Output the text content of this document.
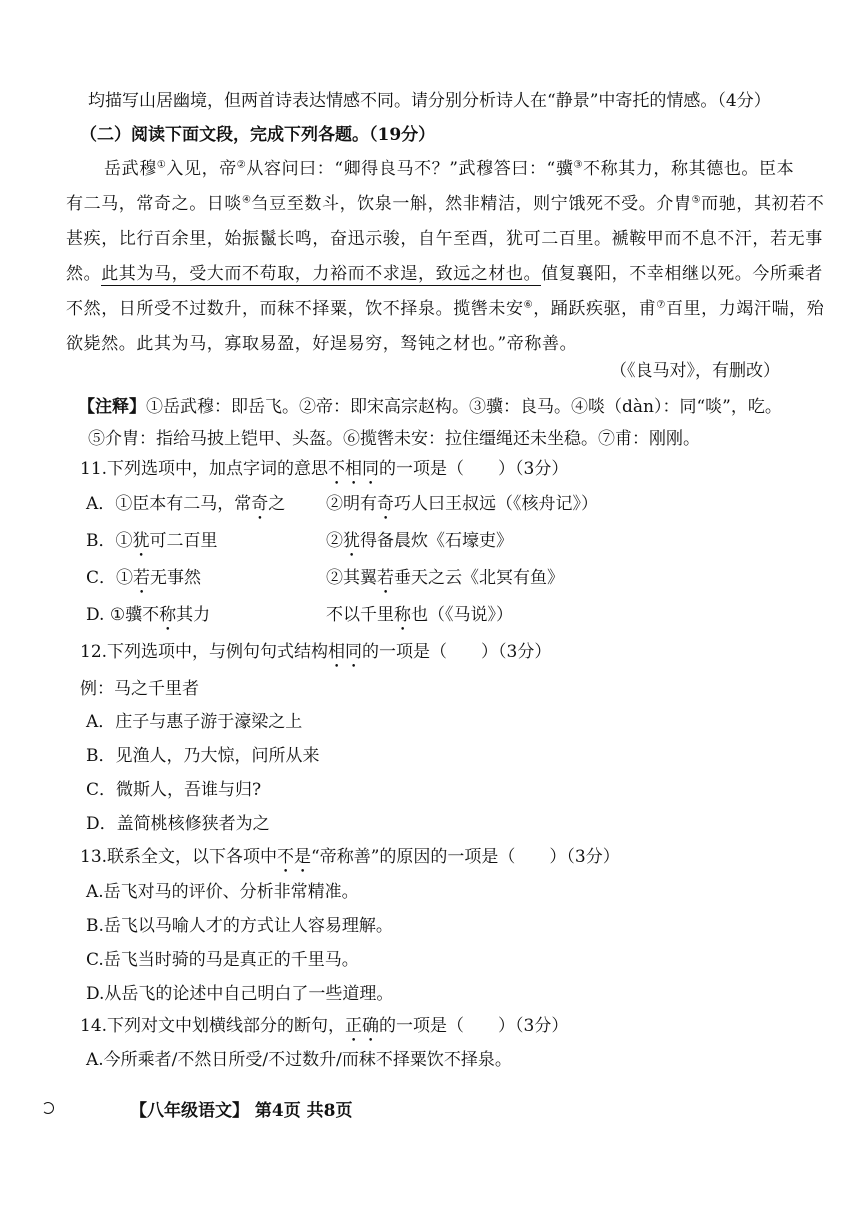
均描写山居幽境，但两首诗表达情感不同。请分别分析诗人在“静景”中寄托的情感。（4分）
（二）阅读下面文段，完成下列各题。（19分）
岳武穆①入见，帝②从容问曰：“卿得良马不？”武穆答曰：“骥③不称其力，称其德也。臣本
有二马，常奇之。日啖④刍豆至数斗，饮泉一斛，然非精洁，则宁饿死不受。介胄⑤而驰，其初若不
甚疾，比行百余里，始振鬣长鸣，奋迅示骏，自午至酉，犹可二百里。褫鞍甲而不息不汗，若无事
然。此其为马，受大而不苟取，力裕而不求逞，致远之材也。值复襄阳，不幸相继以死。今所乘者
不然，日所受不过数升，而秣不择粟，饮不择泉。揽辔未安⑥，踊跃疾驱，甫⑦百里，力竭汗喘，殆
欲毙然。此其为马，寡取易盈，好逞易穷，驽钝之材也。”帝称善。
（《良马对》，有删改）
【注释】①岳武穆：即岳飞。②帝：即宋高宗赵构。③骥：良马。④啖（dàn）：同“啖”，吃。
⑤介胄：指给马披上铠甲、头盔。⑥揽辔未安：拉住缰绳还未坐稳。⑦甫：刚刚。
11.下列选项中，加点字词的意思不相同的一项是（　　）（3分）
A．①臣本有二马，常奇之 ②明有奇巧人曰王叔远（《核舟记》）
B．①犹可二百里	②犹得备晨炊《石壕吏》
C．①若无事然	②其翼若垂天之云《北冥有鱼》
D. ①骥不称其力	不以千里称也（《马说》）
12.下列选项中，与例句句式结构相同的一项是（　　）（3分）
例：马之千里者
A．庄子与惠子游于濠梁之上
B．见渔人，乃大惊，问所从来
C．微斯人，吾谁与归?
D．盖简桃核修狭者为之
13.联系全文，以下各项中不是“帝称善”的原因的一项是（　　）（3分）
A.岳飞对马的评价、分析非常精准。
B.岳飞以马喻人才的方式让人容易理解。
C.岳飞当时骑的马是真正的千里马。
D.从岳飞的论述中自己明白了一些道理。
14.下列对文中划横线部分的断句，正确的一项是（　　）（3分）
A.今所乘者/不然日所受/不过数升/而秣不择粟饮不择泉。
【八年级语文】 第4页 共8页
